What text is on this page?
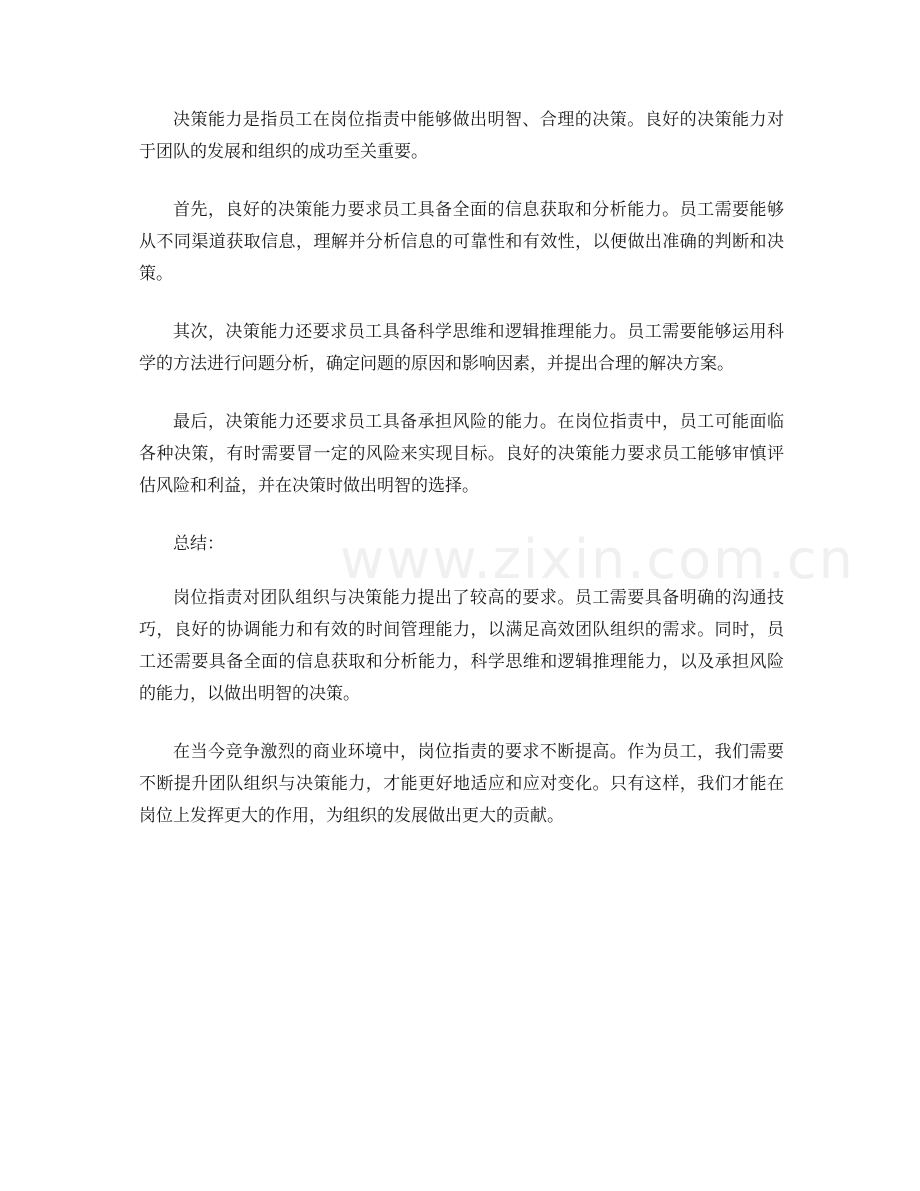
决策能力是指员工在岗位指责中能够做出明智、合理的决策。良好的决策能力对于团队的发展和组织的成功至关重要。

首先，良好的决策能力要求员工具备全面的信息获取和分析能力。员工需要能够从不同渠道获取信息，理解并分析信息的可靠性和有效性，以便做出准确的判断和决策。

其次，决策能力还要求员工具备科学思维和逻辑推理能力。员工需要能够运用科学的方法进行问题分析，确定问题的原因和影响因素，并提出合理的解决方案。

最后，决策能力还要求员工具备承担风险的能力。在岗位指责中，员工可能面临各种决策，有时需要冒一定的风险来实现目标。良好的决策能力要求员工能够审慎评估风险和利益，并在决策时做出明智的选择。

总结：

岗位指责对团队组织与决策能力提出了较高的要求。员工需要具备明确的沟通技巧，良好的协调能力和有效的时间管理能力，以满足高效团队组织的需求。同时，员工还需要具备全面的信息获取和分析能力，科学思维和逻辑推理能力，以及承担风险的能力，以做出明智的决策。

在当今竞争激烈的商业环境中，岗位指责的要求不断提高。作为员工，我们需要不断提升团队组织与决策能力，才能更好地适应和应对变化。只有这样，我们才能在岗位上发挥更大的作用，为组织的发展做出更大的贡献。

www.zixin.com.cn
